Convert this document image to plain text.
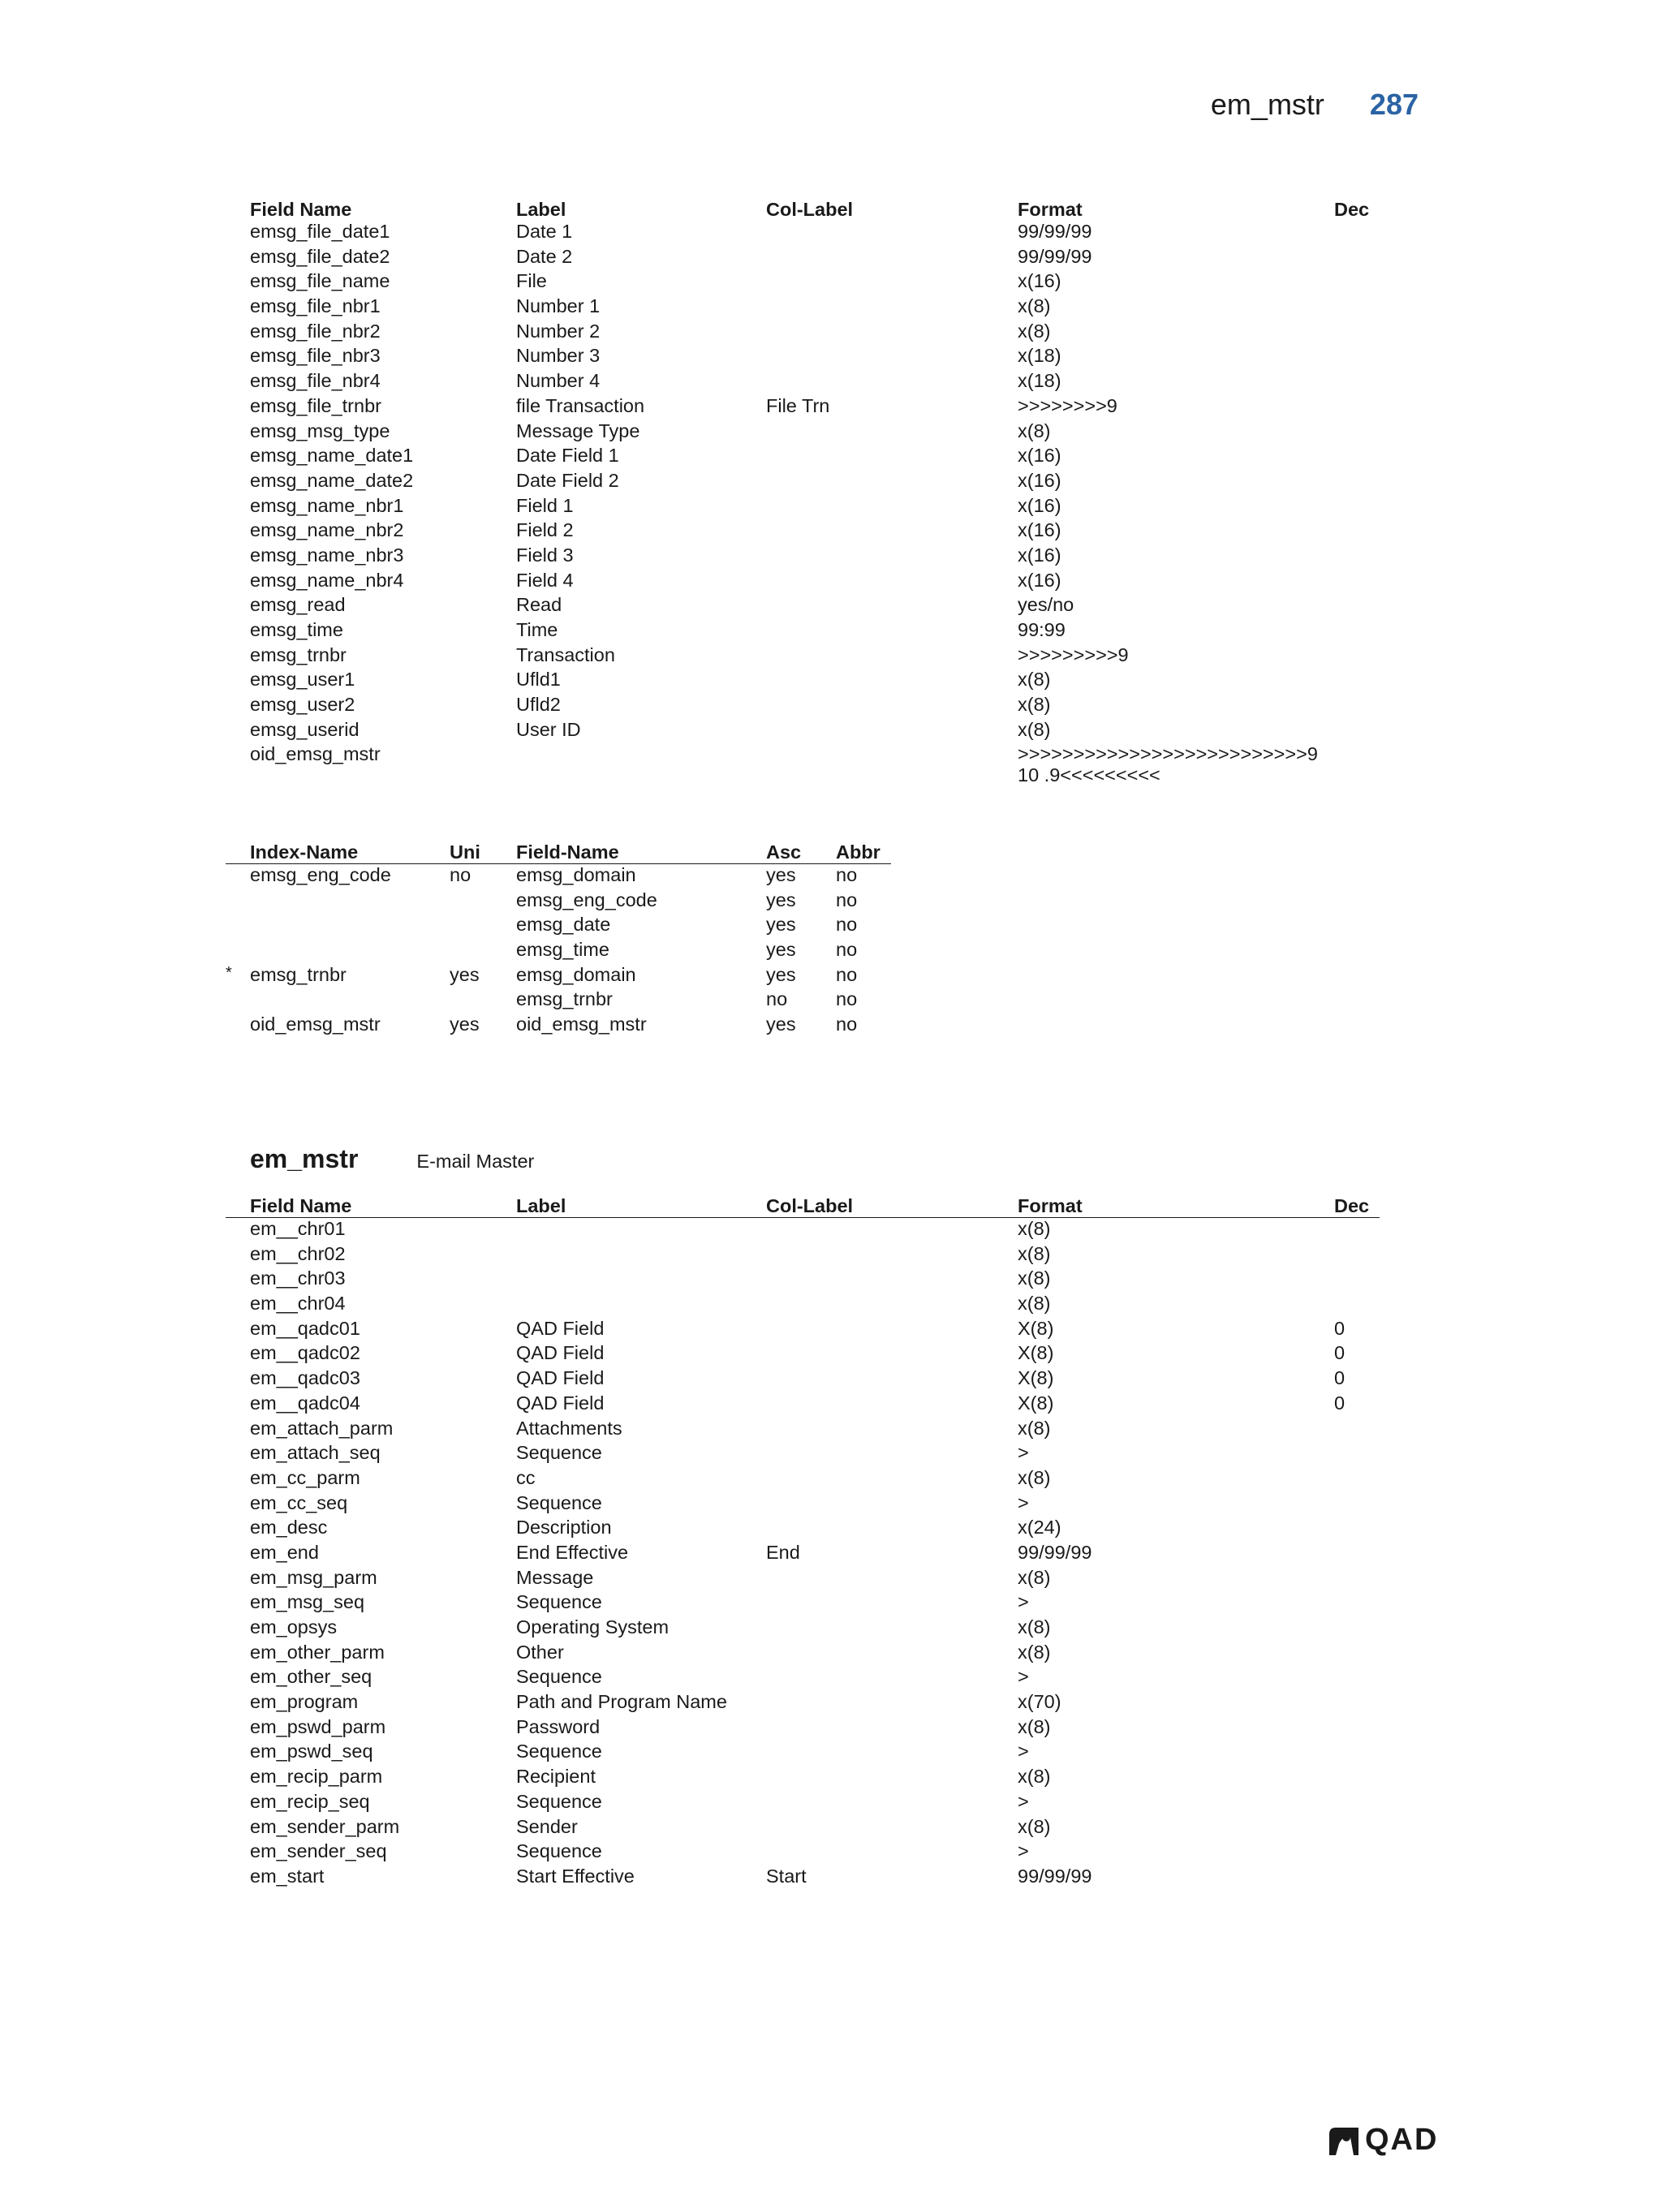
em_mstr 287
	Field Name	Label	Col-Label	Format	Dec
	emsg_file_date1	Date 1		99/99/99	
	emsg_file_date2	Date 2		99/99/99	
	emsg_file_name	File		x(16)	
	emsg_file_nbr1	Number 1		x(8)	
	emsg_file_nbr2	Number 2		x(8)	
	emsg_file_nbr3	Number 3		x(18)	
	emsg_file_nbr4	Number 4		x(18)	
	emsg_file_trnbr	file Transaction	File Trn	>>>>>>>>9	
	emsg_msg_type	Message Type		x(8)	
	emsg_name_date1	Date Field 1		x(16)	
	emsg_name_date2	Date Field 2		x(16)	
	emsg_name_nbr1	Field 1		x(16)	
	emsg_name_nbr2	Field 2		x(16)	
	emsg_name_nbr3	Field 3		x(16)	
	emsg_name_nbr4	Field 4		x(16)	
	emsg_read	Read		yes/no	
	emsg_time	Time		99:99	
	emsg_trnbr	Transaction		>>>>>>>>>9	
	emsg_user1	Ufld1		x(8)	
	emsg_user2	Ufld2		x(8)	
	emsg_userid	User ID		x(8)	
	oid_emsg_mstr			>>>>>>>>>>>>>>>>>>>>>>>>>>9 10 .9<<<<<<<<<	
	Index-Name	Uni	Field-Name	Asc	Abbr
	emsg_eng_code	no	emsg_domain	yes	no
			emsg_eng_code	yes	no
			emsg_date	yes	no
			emsg_time	yes	no
*	emsg_trnbr	yes	emsg_domain	yes	no
			emsg_trnbr	no	no
	oid_emsg_mstr	yes	oid_emsg_mstr	yes	no
em_mstr	E-mail Master
	Field Name	Label	Col-Label	Format	Dec
	em__chr01			x(8)	
	em__chr02			x(8)	
	em__chr03			x(8)	
	em__chr04			x(8)	
	em__qadc01	QAD Field		X(8)	0
	em__qadc02	QAD Field		X(8)	0
	em__qadc03	QAD Field		X(8)	0
	em__qadc04	QAD Field		X(8)	0
	em_attach_parm	Attachments		x(8)	
	em_attach_seq	Sequence		>	
	em_cc_parm	cc		x(8)	
	em_cc_seq	Sequence		>	
	em_desc	Description		x(24)	
	em_end	End Effective	End	99/99/99	
	em_msg_parm	Message		x(8)	
	em_msg_seq	Sequence		>	
	em_opsys	Operating System		x(8)	
	em_other_parm	Other		x(8)	
	em_other_seq	Sequence		>	
	em_program	Path and Program Name		x(70)	
	em_pswd_parm	Password		x(8)	
	em_pswd_seq	Sequence		>	
	em_recip_parm	Recipient		x(8)	
	em_recip_seq	Sequence		>	
	em_sender_parm	Sender		x(8)	
	em_sender_seq	Sequence		>	
	em_start	Start Effective	Start	99/99/99	
QAD
